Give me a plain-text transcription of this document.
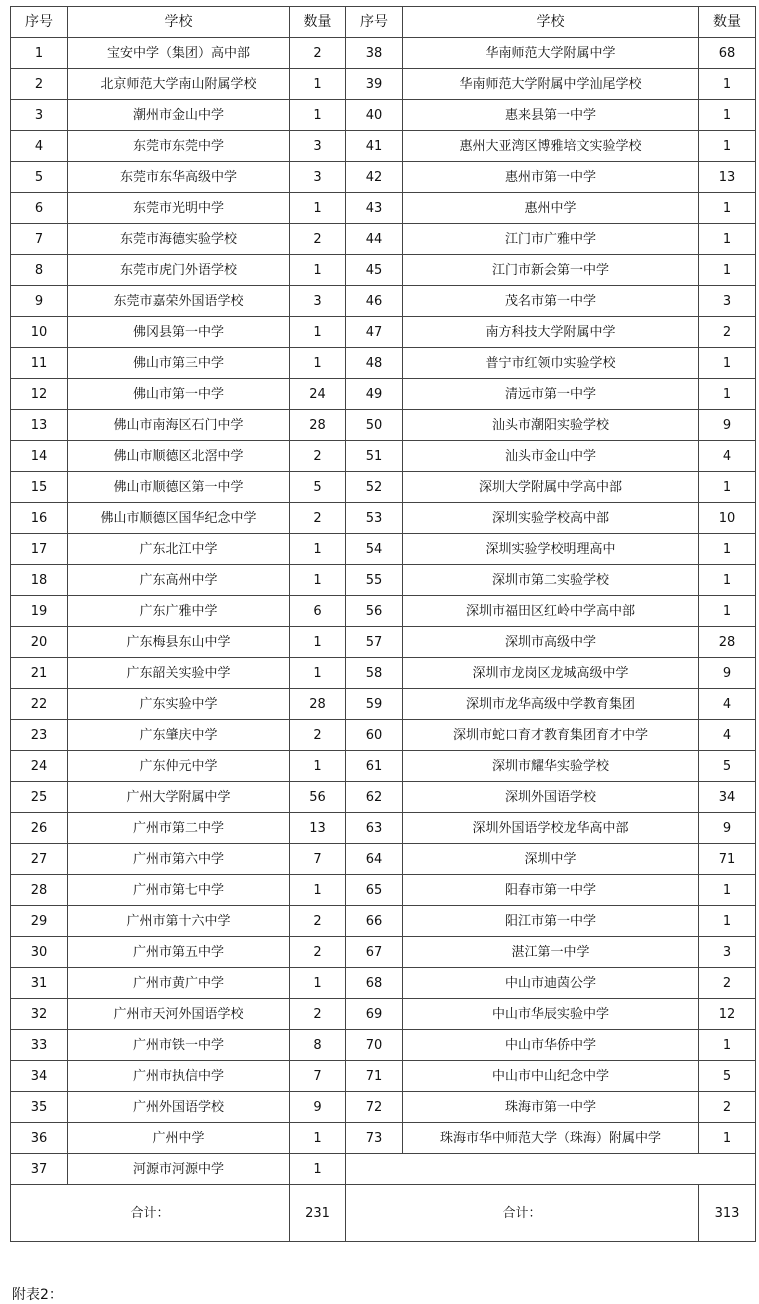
序号	学校	数量	序号	学校	数量
1	宝安中学（集团）高中部	2	38	华南师范大学附属中学	68
2	北京师范大学南山附属学校	1	39	华南师范大学附属中学汕尾学校	1
3	潮州市金山中学	1	40	惠来县第一中学	1
4	东莞市东莞中学	3	41	惠州大亚湾区博雅培文实验学校	1
5	东莞市东华高级中学	3	42	惠州市第一中学	13
6	东莞市光明中学	1	43	惠州中学	1
7	东莞市海德实验学校	2	44	江门市广雅中学	1
8	东莞市虎门外语学校	1	45	江门市新会第一中学	1
9	东莞市嘉荣外国语学校	3	46	茂名市第一中学	3
10	佛冈县第一中学	1	47	南方科技大学附属中学	2
11	佛山市第三中学	1	48	普宁市红领巾实验学校	1
12	佛山市第一中学	24	49	清远市第一中学	1
13	佛山市南海区石门中学	28	50	汕头市潮阳实验学校	9
14	佛山市顺德区北滘中学	2	51	汕头市金山中学	4
15	佛山市顺德区第一中学	5	52	深圳大学附属中学高中部	1
16	佛山市顺德区国华纪念中学	2	53	深圳实验学校高中部	10
17	广东北江中学	1	54	深圳实验学校明理高中	1
18	广东高州中学	1	55	深圳市第二实验学校	1
19	广东广雅中学	6	56	深圳市福田区红岭中学高中部	1
20	广东梅县东山中学	1	57	深圳市高级中学	28
21	广东韶关实验中学	1	58	深圳市龙岗区龙城高级中学	9
22	广东实验中学	28	59	深圳市龙华高级中学教育集团	4
23	广东肇庆中学	2	60	深圳市蛇口育才教育集团育才中学	4
24	广东仲元中学	1	61	深圳市耀华实验学校	5
25	广州大学附属中学	56	62	深圳外国语学校	34
26	广州市第二中学	13	63	深圳外国语学校龙华高中部	9
27	广州市第六中学	7	64	深圳中学	71
28	广州市第七中学	1	65	阳春市第一中学	1
29	广州市第十六中学	2	66	阳江市第一中学	1
30	广州市第五中学	2	67	湛江第一中学	3
31	广州市黄广中学	1	68	中山市迪茵公学	2
32	广州市天河外国语学校	2	69	中山市华辰实验中学	12
33	广州市铁一中学	8	70	中山市华侨中学	1
34	广州市执信中学	7	71	中山市中山纪念中学	5
35	广州外国语学校	9	72	珠海市第一中学	2
36	广州中学	1	73	珠海市华中师范大学（珠海）附属中学	1
37	河源市河源中学	1			
合计：		231	合计：		313
附表2：
